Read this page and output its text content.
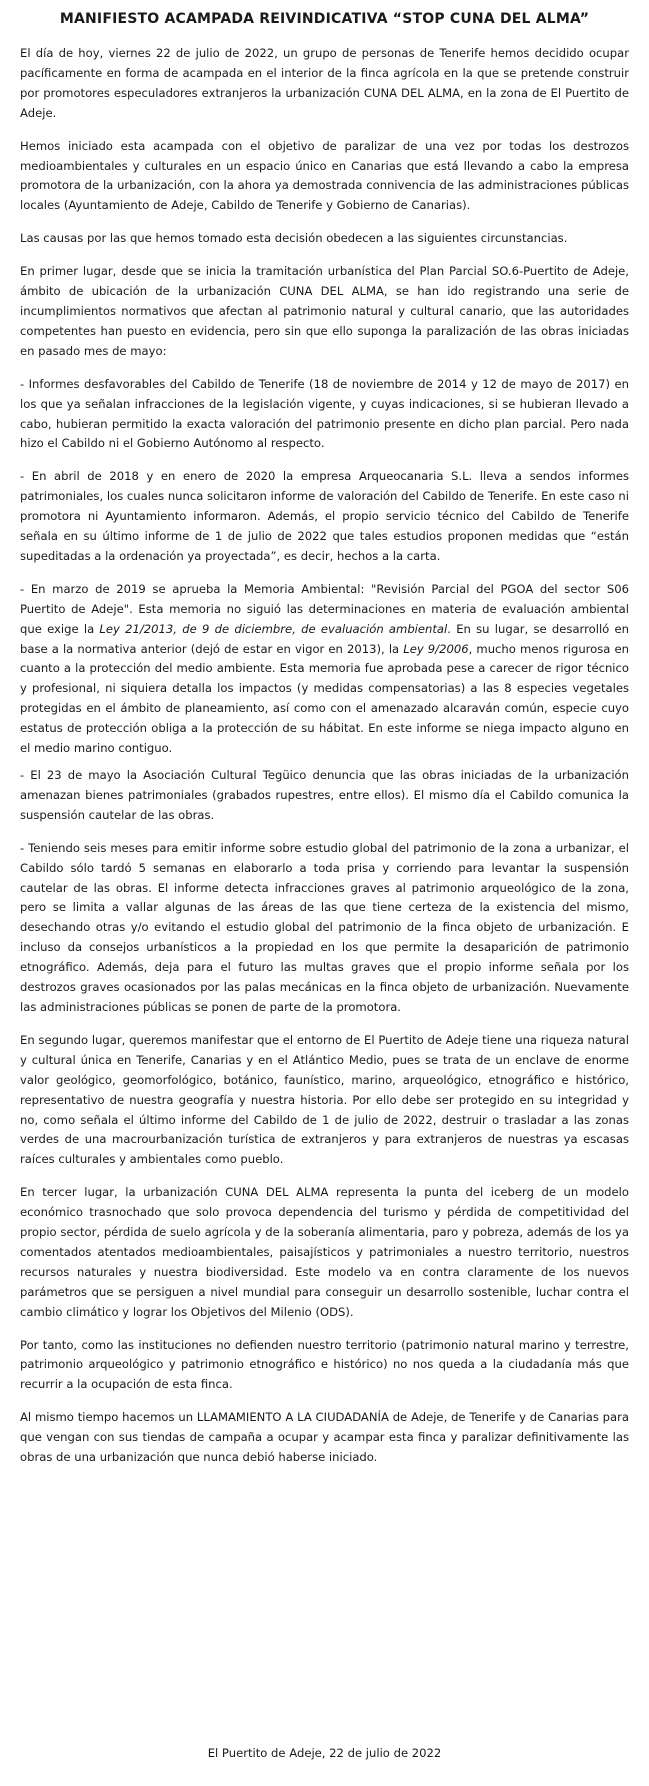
MANIFIESTO ACAMPADA REIVINDICATIVA “STOP CUNA DEL ALMA”

El día de hoy, viernes 22 de julio de 2022, un grupo de personas de Tenerife hemos decidido ocupar pacíficamente en forma de acampada en el interior de la finca agrícola en la que se pretende construir por promotores especuladores extranjeros la urbanización CUNA DEL ALMA, en la zona de El Puertito de Adeje.

Hemos iniciado esta acampada con el objetivo de paralizar de una vez por todas los destrozos medioambientales y culturales en un espacio único en Canarias que está llevando a cabo la empresa promotora de la urbanización, con la ahora ya demostrada connivencia de las administraciones públicas locales (Ayuntamiento de Adeje, Cabildo de Tenerife y Gobierno de Canarias).

Las causas por las que hemos tomado esta decisión obedecen a las siguientes circunstancias.

En primer lugar, desde que se inicia la tramitación urbanística del Plan Parcial SO.6-Puertito de Adeje, ámbito de ubicación de la urbanización CUNA DEL ALMA, se han ido registrando una serie de incumplimientos normativos que afectan al patrimonio natural y cultural canario, que las autoridades competentes han puesto en evidencia, pero sin que ello suponga la paralización de las obras iniciadas en pasado mes de mayo:

- Informes desfavorables del Cabildo de Tenerife (18 de noviembre de 2014 y 12 de mayo de 2017) en los que ya señalan infracciones de la legislación vigente, y cuyas indicaciones, si se hubieran llevado a cabo, hubieran permitido la exacta valoración del patrimonio presente en dicho plan parcial. Pero nada hizo el Cabildo ni el Gobierno Autónomo al respecto.

- En abril de 2018 y en enero de 2020 la empresa Arqueocanaria S.L. lleva a sendos informes patrimoniales, los cuales nunca solicitaron informe de valoración del Cabildo de Tenerife. En este caso ni promotora ni Ayuntamiento informaron. Además, el propio servicio técnico del Cabildo de Tenerife señala en su último informe de 1 de julio de 2022 que tales estudios proponen medidas que “están supeditadas a la ordenación ya proyectada”, es decir, hechos a la carta.

- En marzo de 2019 se aprueba la Memoria Ambiental: "Revisión Parcial del PGOA del sector S06 Puertito de Adeje". Esta memoria no siguió las determinaciones en materia de evaluación ambiental que exige la Ley 21/2013, de 9 de diciembre, de evaluación ambiental. En su lugar, se desarrolló en base a la normativa anterior (dejó de estar en vigor en 2013), la Ley 9/2006, mucho menos rigurosa en cuanto a la protección del medio ambiente. Esta memoria fue aprobada pese a carecer de rigor técnico y profesional, ni siquiera detalla los impactos (y medidas compensatorias) a las 8 especies vegetales protegidas en el ámbito de planeamiento, así como con el amenazado alcaraván común, especie cuyo estatus de protección obliga a la protección de su hábitat. En este informe se niega impacto alguno en el medio marino contiguo.

- El 23 de mayo la Asociación Cultural Tegüico denuncia que las obras iniciadas de la urbanización amenazan bienes patrimoniales (grabados rupestres, entre ellos). El mismo día el Cabildo comunica la suspensión cautelar de las obras.

- Teniendo seis meses para emitir informe sobre estudio global del patrimonio de la zona a urbanizar, el Cabildo sólo tardó 5 semanas en elaborarlo a toda prisa y corriendo para levantar la suspensión cautelar de las obras. El informe detecta infracciones graves al patrimonio arqueológico de la zona, pero se limita a vallar algunas de las áreas de las que tiene certeza de la existencia del mismo, desechando otras y/o evitando el estudio global del patrimonio de la finca objeto de urbanización. E incluso da consejos urbanísticos a la propiedad en los que permite la desaparición de patrimonio etnográfico. Además, deja para el futuro las multas graves que el propio informe señala por los destrozos graves ocasionados por las palas mecánicas en la finca objeto de urbanización. Nuevamente las administraciones públicas se ponen de parte de la promotora.

En segundo lugar, queremos manifestar que el entorno de El Puertito de Adeje tiene una riqueza natural y cultural única en Tenerife, Canarias y en el Atlántico Medio, pues se trata de un enclave de enorme valor geológico, geomorfológico, botánico, faunístico, marino, arqueológico, etnográfico e histórico, representativo de nuestra geografía y nuestra historia. Por ello debe ser protegido en su integridad y no, como señala el último informe del Cabildo de 1 de julio de 2022, destruir o trasladar a las zonas verdes de una macrourbanización turística de extranjeros y para extranjeros de nuestras ya escasas raíces culturales y ambientales como pueblo.

En tercer lugar, la urbanización CUNA DEL ALMA representa la punta del iceberg de un modelo económico trasnochado que solo provoca dependencia del turismo y pérdida de competitividad del propio sector, pérdida de suelo agrícola y de la soberanía alimentaria, paro y pobreza, además de los ya comentados atentados medioambientales, paisajísticos y patrimoniales a nuestro territorio, nuestros recursos naturales y nuestra biodiversidad. Este modelo va en contra claramente de los nuevos parámetros que se persiguen a nivel mundial para conseguir un desarrollo sostenible, luchar contra el cambio climático y lograr los Objetivos del Milenio (ODS).

Por tanto, como las instituciones no defienden nuestro territorio (patrimonio natural marino y terrestre, patrimonio arqueológico y patrimonio etnográfico e histórico) no nos queda a la ciudadanía más que recurrir a la ocupación de esta finca.

Al mismo tiempo hacemos un LLAMAMIENTO A LA CIUDADANÍA de Adeje, de Tenerife y de Canarias para que vengan con sus tiendas de campaña a ocupar y acampar esta finca y paralizar definitivamente las obras de una urbanización que nunca debió haberse iniciado.

El Puertito de Adeje, 22 de julio de 2022
